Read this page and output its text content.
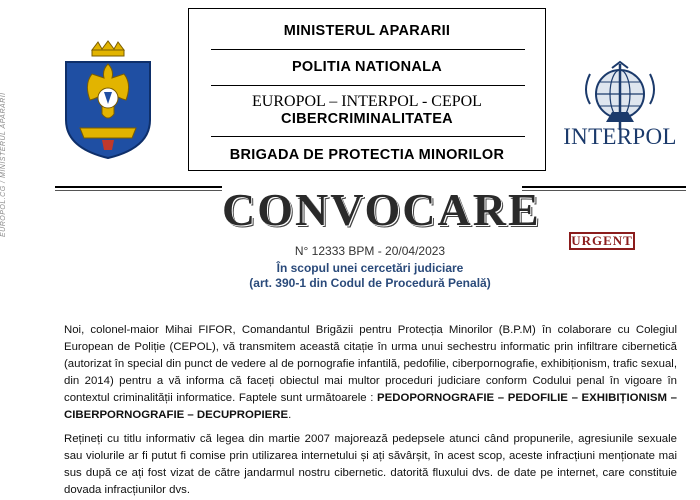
EUROPOL.CG / MINISTERUL APARARII
MINISTERUL APARARII
POLITIA NATIONALA
EUROPOL – INTERPOL - CEPOL
CIBERCRIMINALITATEA
BRIGADA DE PROTECTIA MINORILOR
INTERPOL
CONVOCARE
URGENT
N° 12333 BPM - 20/04/2023
În scopul unei cercetări judiciare
(art. 390-1 din Codul de Procedură Penală)
Noi, colonel-maior Mihai FIFOR, Comandantul Brigăzii pentru Protecția Minorilor (B.P.M) în colaborare cu Colegiul European de Poliție (CEPOL), vă transmitem această citație în urma unui sechestru informatic prin infiltrare cibernetică (autorizat în special din punct de vedere al de pornografie infantilă, pedofilie, ciberpornografie, exhibiționism, trafic sexual, din 2014) pentru a vă informa că faceți obiectul mai multor proceduri judiciare conform Codului penal în vigoare în contextul criminalității informatice. Faptele sunt următoarele : PEDOPORNOGRAFIE – PEDOFILIE – EXHIBIȚIONISM – CIBERPORNOGRAFIE – DECUPROPIERE.
Rețineți cu titlu informativ că legea din martie 2007 majorează pedepsele atunci când propunerile, agresiunile sexuale sau violurile ar fi putut fi comise prin utilizarea internetului și ați săvârșit, în acest scop, aceste infracțiuni menționate mai sus după ce ați fost vizat de către jandarmul nostru cibernetic. datorită fluxului dvs. de date pe internet, care constituie dovada infracțiunilor dvs.
